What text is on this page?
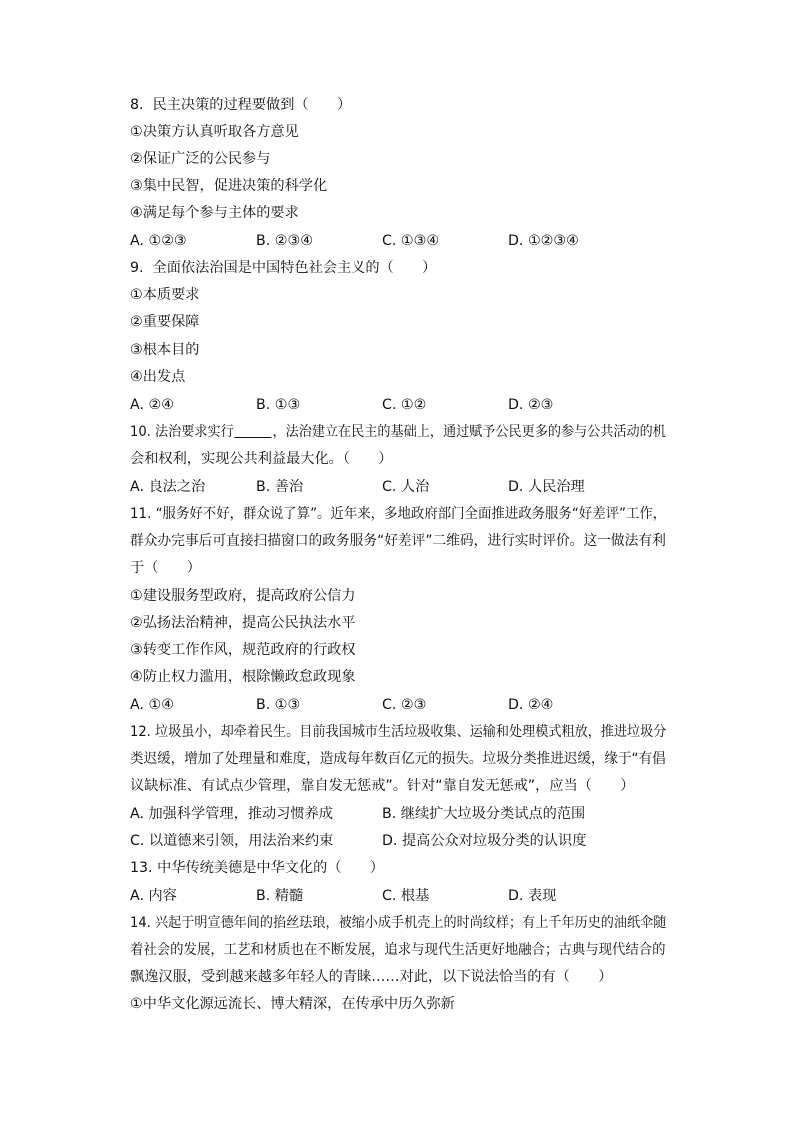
8.  民主决策的过程要做到（　　）
①决策方认真听取各方意见
②保证广泛的公民参与
③集中民智，促进决策的科学化
④满足每个参与主体的要求
A. ①②③	B. ②③④	C. ①③④	D. ①②③④
9.  全面依法治国是中国特色社会主义的（　　）
①本质要求
②重要保障
③根本目的
④出发点
A. ②④	B. ①③	C. ①②	D. ②③
10. 法治要求实行	，法治建立在民主的基础上，通过赋予公民更多的参与公共活动的机
会和权利，实现公共利益最大化。（　　）
A. 良法之治	B. 善治	C. 人治	D. 人民治理
11. “服务好不好，群众说了算”。近年来，多地政府部门全面推进政务服务“好差评”工作，
群众办完事后可直接扫描窗口的政务服务“好差评”二维码，进行实时评价。这一做法有利
于（　　）
①建设服务型政府，提高政府公信力
②弘扬法治精神，提高公民执法水平
③转变工作作风，规范政府的行政权
④防止权力滥用，根除懒政怠政现象
A. ①④	B. ①③	C. ②③	D. ②④
12. 垃圾虽小，却牵着民生。目前我国城市生活垃圾收集、运输和处理模式粗放，推进垃圾分
类迟缓，增加了处理量和难度，造成每年数百亿元的损失。垃圾分类推进迟缓，缘于“有倡
议缺标准、有试点少管理，靠自发无惩戒”。针对“靠自发无惩戒”，应当（　　）
A. 加强科学管理，推动习惯养成	B. 继续扩大垃圾分类试点的范围
C. 以道德来引领，用法治来约束	D. 提高公众对垃圾分类的认识度
13. 中华传统美德是中华文化的（　　）
A. 内容	B. 精髓	C. 根基	D. 表现
14. 兴起于明宣德年间的掐丝珐琅，被缩小成手机壳上的时尚纹样；有上千年历史的油纸伞随
着社会的发展，工艺和材质也在不断发展，追求与现代生活更好地融合；古典与现代结合的
飘逸汉服，受到越来越多年轻人的青睐……对此，以下说法恰当的有（　　）
①中华文化源远流长、博大精深，在传承中历久弥新
